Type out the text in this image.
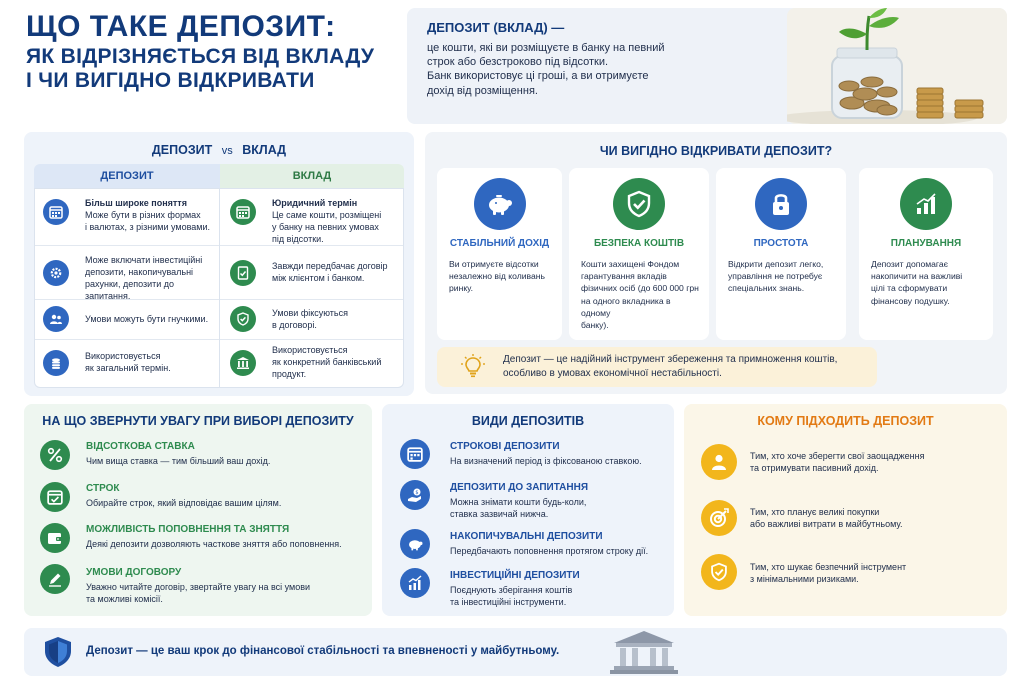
ЩО ТАКЕ ДЕПОЗИТ:
ЯК ВІДРІЗНЯЄТЬСЯ ВІД ВКЛАДУ
І ЧИ ВИГІДНО ВІДКРИВАТИ
ДЕПОЗИТ (ВКЛАД) —
це кошти, які ви розміщуєте в банку на певний
строк або безстроково під відсотки.
Банк використовує ці гроші, а ви отримуєте
дохід від розміщення.
ДЕПОЗИТ vs ВКЛАД
ДЕПОЗИТ
Більш широке поняття
Може бути в різних формах
і валютах, з різними умовами.
Може включати інвестиційні
депозити, накопичувальні
рахунки, депозити до запитання.
Умови можуть бути гнучкими.
Використовується
як загальний термін.
ВКЛАД
Юридичний термін
Це саме кошти, розміщені
у банку на певних умовах
під відсотки.
Завжди передбачає договір
між клієнтом і банком.
Умови фіксуються
в договорі.
Використовується
як конкретний банківський
продукт.
ЧИ ВИГІДНО ВІДКРИВАТИ ДЕПОЗИТ?
СТАБІЛЬНИЙ ДОХІД
Ви отримуєте відсотки
незалежно від коливань
ринку.
БЕЗПЕКА КОШТІВ
Кошти захищені Фондом
гарантування вкладів
фізичних осіб (до 600 000 грн
на одного вкладника в одному
банку).
ПРОСТОТА
Відкрити депозит легко,
управління не потребує
спеціальних знань.
ПЛАНУВАННЯ
Депозит допомагає
накопичити на важливі
цілі та сформувати
фінансову подушку.
Депозит — це надійний інструмент збереження та примноження коштів,
особливо в умовах економічної нестабільності.
НА ЩО ЗВЕРНУТИ УВАГУ ПРИ ВИБОРІ ДЕПОЗИТУ
ВІДСОТКОВА СТАВКА
Чим вища ставка — тим більший ваш дохід.
СТРОК
Обирайте строк, який відповідає вашим цілям.
МОЖЛИВІСТЬ ПОПОВНЕННЯ ТА ЗНЯТТЯ
Деякі депозити дозволяють часткове зняття або поповнення.
УМОВИ ДОГОВОРУ
Уважно читайте договір, звертайте увагу на всі умови
та можливі комісії.
ВИДИ ДЕПОЗИТІВ
СТРОКОВІ ДЕПОЗИТИ
На визначений період із фіксованою ставкою.
$	ДЕПОЗИТИ ДО ЗАПИТАННЯ
Можна знімати кошти будь-коли,
ставка зазвичай нижча.
НАКОПИЧУВАЛЬНІ ДЕПОЗИТИ
Передбачають поповнення протягом строку дії.
ІНВЕСТИЦІЙНІ ДЕПОЗИТИ
Поєднують зберігання коштів
та інвестиційні інструменти.
КОМУ ПІДХОДИТЬ ДЕПОЗИТ
Тим, хто хоче зберегти свої заощадження
та отримувати пасивний дохід.
Тим, хто планує великі покупки
або важливі витрати в майбутньому.
Тим, хто шукає безпечний інструмент
з мінімальними ризиками.
Депозит — це ваш крок до фінансової стабільності та впевненості у майбутньому.
